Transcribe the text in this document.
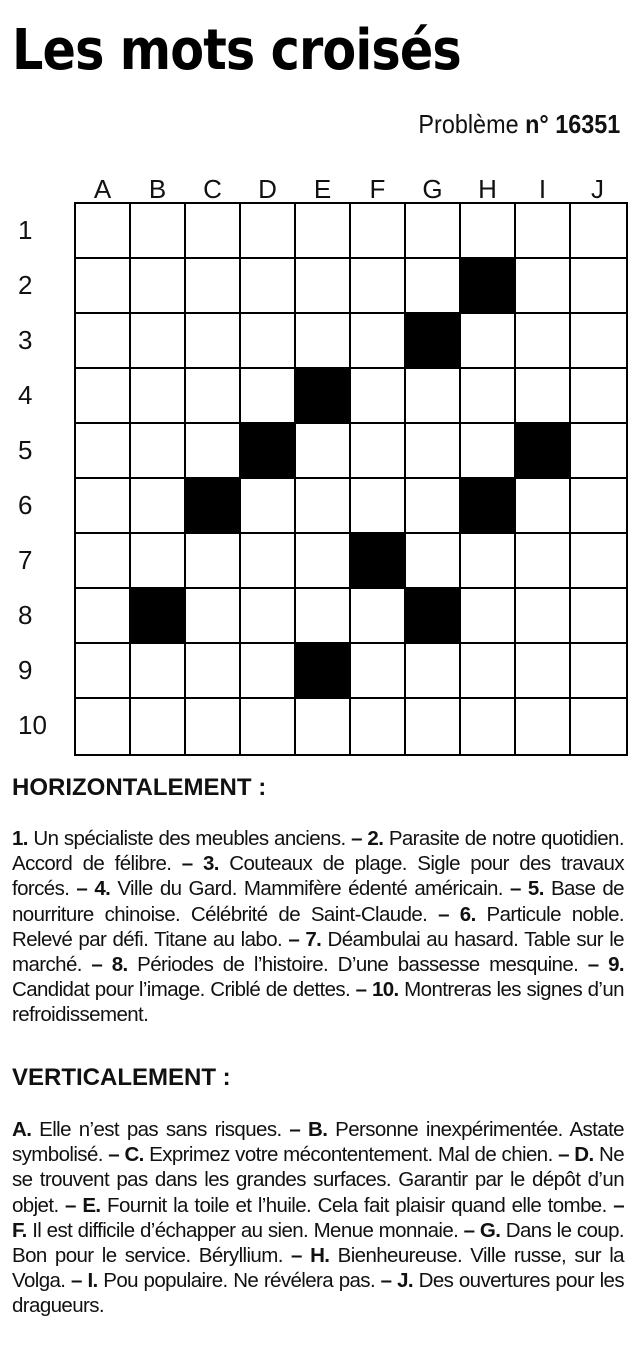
Les mots croisés
Problème n° 16351
A	B	C	D	E	F	G	H	I	J
1
2
3
4
5
6
7
8
9
10
HORIZONTALEMENT :
1. Un spécialiste des meubles anciens. – 2. Parasite de notre quotidien. Accord de félibre. – 3. Couteaux de plage. Sigle pour des travaux forcés. – 4. Ville du Gard. Mammifère édenté américain. – 5. Base de nourriture chinoise. Célébrité de Saint-Claude. – 6. Particule noble. Relevé par défi. Titane au labo. – 7. Déambulai au hasard. Table sur le marché. – 8. Périodes de l’histoire. D’une bassesse mesquine. – 9. Candidat pour l’image. Criblé de dettes. – 10. Montreras les signes d’un refroidissement.
VERTICALEMENT :
A. Elle n’est pas sans risques. – B. Personne inexpérimentée. Astate symbolisé. – C. Exprimez votre mécontentement. Mal de chien. – D. Ne se trouvent pas dans les grandes surfaces. Garantir par le dépôt d’un objet. – E. Fournit la toile et l’huile. Cela fait plaisir quand elle tombe. – F. Il est difficile d’échapper au sien. Menue monnaie. – G. Dans le coup. Bon pour le service. Béryllium. – H. Bienheureuse. Ville russe, sur la Volga. – I. Pou populaire. Ne révélera pas. – J. Des ouvertures pour les dragueurs.
